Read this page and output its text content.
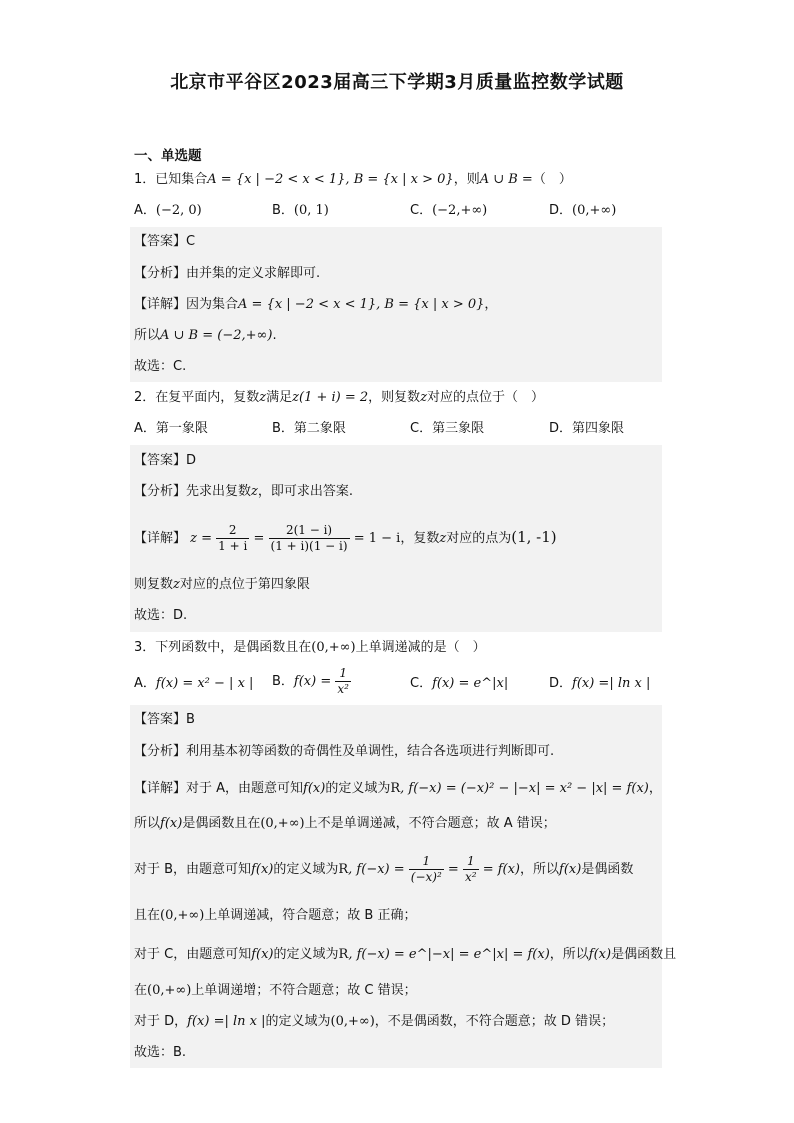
北京市平谷区2023届高三下学期3月质量监控数学试题
一、单选题
1．已知集合A = {x | −2 < x < 1}, B = {x | x > 0}，则A ∪ B =（　）
A．(−2, 0)	B．(0, 1)	C．(−2,+∞)	D．(0,+∞)
【答案】C
【分析】由并集的定义求解即可.
【详解】因为集合A = {x | −2 < x < 1}, B = {x | x > 0}，
所以A ∪ B = (−2,+∞).
故选：C.
2．在复平面内，复数z满足z(1 + i) = 2，则复数z对应的点位于（　）
A．第一象限	B．第二象限	C．第三象限	D．第四象限
【答案】D
【分析】先求出复数z，即可求出答案.
【详解】 $z = \frac{2}{1 + i} = \frac{2(1 - i)}{(1 + i)(1 - i)} = 1 - i$，复数z对应的点为(1, -1)
则复数z对应的点位于第四象限
故选：D.
3．下列函数中，是偶函数且在(0,+∞)上单调递减的是（　）
A．f(x) = x² − | x | B．$f(x) = \frac{1}{\text{x²}}$	C．f(x) = e^|x|	D．f(x) =| ln x |
【答案】B
【分析】利用基本初等函数的奇偶性及单调性，结合各选项进行判断即可.
【详解】对于 A，由题意可知f(x)的定义域为R, f(−x) = (−x)² − |−x| = x² − |x| = f(x)，
所以f(x)是偶函数且在(0,+∞)上不是单调递减，不符合题意；故 A 错误；
对于 B，由题意可知f(x)的定义域为R, $f(-x) = \frac{1}{\text{(−x)²}} = \frac{1}{\text{x²}} = f(x)$，所以f(x)是偶函数
且在(0,+∞)上单调递减，符合题意；故 B 正确；
对于 C，由题意可知f(x)的定义域为R, f(−x) = e^|−x| = e^|x| = f(x)，所以f(x)是偶函数且
在(0,+∞)上单调递增；不符合题意；故 C 错误；
对于 D，f(x) =| ln x |的定义域为(0,+∞)，不是偶函数，不符合题意；故 D 错误；
故选：B.
